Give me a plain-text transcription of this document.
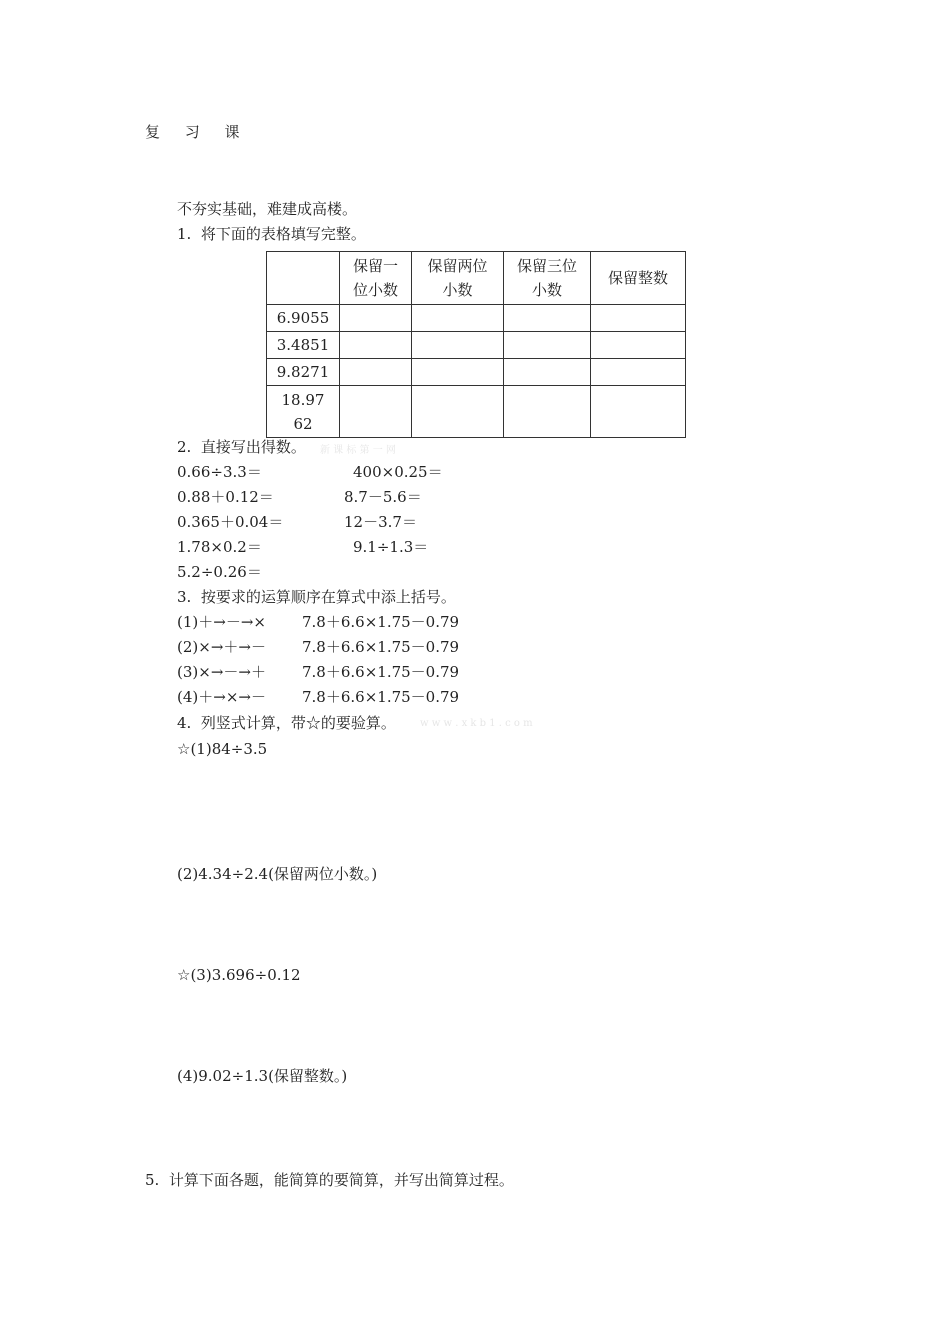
复 习 课
不夯实基础，难建成高楼。
1.  将下面的表格填写完整。

	保留一位小数	保留两位小数	保留三位小数	保留整数
6.9055				
3.4851				
9.8271				

18.9762				

2.  直接写出得数。 新 课 标 第 一 网
0.66÷3.3＝	400×0.25＝
0.88＋0.12＝	8.7－5.6＝
0.365＋0.04＝	12－3.7＝
1.78×0.2＝	9.1÷1.3＝
5.2÷0.26＝
3.  按要求的运算顺序在算式中添上括号。
(1)＋→－→× 7.8＋6.6×1.75－0.79
(2)×→＋→－ 7.8＋6.6×1.75－0.79
(3)×→－→＋ 7.8＋6.6×1.75－0.79
(4)＋→×→－ 7.8＋6.6×1.75－0.79
4.  列竖式计算，带☆的要验算。 w w w . x k b 1 . c o m
☆(1)84÷3.5
(2)4.34÷2.4(保留两位小数。)
☆(3)3.696÷0.12
(4)9.02÷1.3(保留整数。)
5.  计算下面各题，能简算的要简算，并写出简算过程。
